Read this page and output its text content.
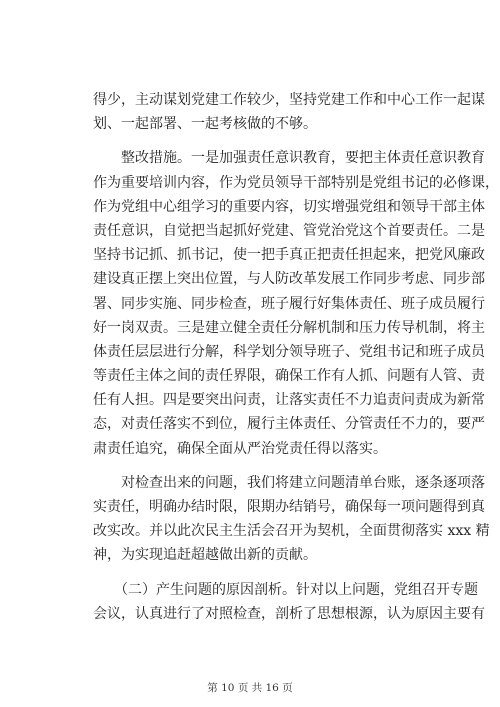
得少，主动谋划党建工作较少，坚持党建工作和中心工作一起谋
划、一起部署、一起考核做的不够。
　　整改措施。一是加强责任意识教育，要把主体责任意识教育
作为重要培训内容，作为党员领导干部特别是党组书记的必修课，
作为党组中心组学习的重要内容，切实增强党组和领导干部主体
责任意识，自觉把当起抓好党建、管党治党这个首要责任。二是
坚持书记抓、抓书记，使一把手真正把责任担起来，把党风廉政
建设真正摆上突出位置，与人防改革发展工作同步考虑、同步部
署、同步实施、同步检查，班子履行好集体责任、班子成员履行
好一岗双责。三是建立健全责任分解机制和压力传导机制，将主
体责任层层进行分解，科学划分领导班子、党组书记和班子成员
等责任主体之间的责任界限，确保工作有人抓、问题有人管、责
任有人担。四是要突出问责，让落实责任不力追责问责成为新常
态，对责任落实不到位，履行主体责任、分管责任不力的，要严
肃责任追究，确保全面从严治党责任得以落实。
　　对检查出来的问题，我们将建立问题清单台账，逐条逐项落
实责任，明确办结时限，限期办结销号，确保每一项问题得到真
改实改。并以此次民主生活会召开为契机，全面贯彻落实 xxx 精
神，为实现追赶超越做出新的贡献。
　　（二）产生问题的原因剖析。针对以上问题，党组召开专题
会议，认真进行了对照检查，剖析了思想根源，认为原因主要有
第 10 页 共 16 页
